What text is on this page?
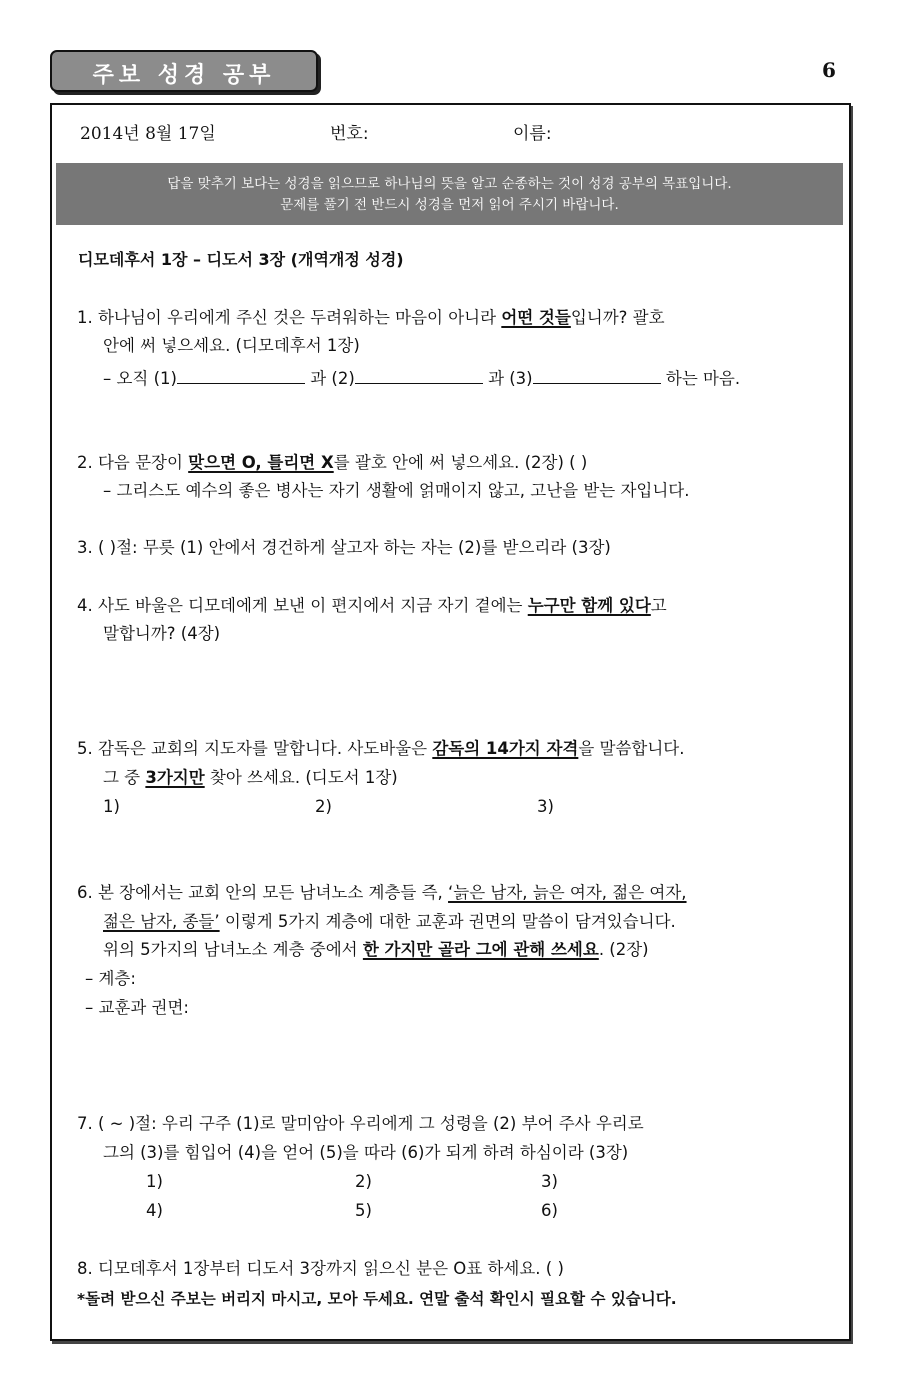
주보 성경 공부	6
2014년 8월 17일	번호:	이름:
답을 맞추기 보다는 성경을 읽으므로 하나님의 뜻을 알고 순종하는 것이 성경 공부의 목표입니다.
문제를 풀기 전 반드시 성경을 먼저 읽어 주시기 바랍니다.
디모데후서 1장 – 디도서 3장 (개역개정 성경)
1. 하나님이 우리에게 주신 것은 두려워하는 마음이 아니라 어떤 것들입니까? 괄호
안에 써 넣으세요. (디모데후서 1장)
– 오직 (1)	과 (2)	과 (3)	하는 마음.
2. 다음 문장이 맞으면 O, 틀리면 X를 괄호 안에 써 넣으세요. (2장) ( )
– 그리스도 예수의 좋은 병사는 자기 생활에 얽매이지 않고, 고난을 받는 자입니다.
3. ( )절: 무릇 (1) 안에서 경건하게 살고자 하는 자는 (2)를 받으리라 (3장)
4. 사도 바울은 디모데에게 보낸 이 편지에서 지금 자기 곁에는 누구만 함께 있다고
말합니까? (4장)
5. 감독은 교회의 지도자를 말합니다. 사도바울은 감독의 14가지 자격을 말씀합니다.
그 중 3가지만 찾아 쓰세요. (디도서 1장)
1)	2)	3)
6. 본 장에서는 교회 안의 모든 남녀노소 계층들 즉, ‘늙은 남자, 늙은 여자, 젊은 여자,
젊은 남자, 종들’ 이렇게 5가지 계층에 대한 교훈과 권면의 말씀이 담겨있습니다.
위의 5가지의 남녀노소 계층 중에서 한 가지만 골라 그에 관해 쓰세요. (2장)
– 계층:
– 교훈과 권면:
7. ( ~ )절: 우리 구주 (1)로 말미암아 우리에게 그 성령을 (2) 부어 주사 우리로
그의 (3)를 힘입어 (4)을 얻어 (5)을 따라 (6)가 되게 하려 하심이라 (3장)
1)	2)	3)
4)	5)	6)
8. 디모데후서 1장부터 디도서 3장까지 읽으신 분은 O표 하세요. ( )
*돌려 받으신 주보는 버리지 마시고, 모아 두세요. 연말 출석 확인시 필요할 수 있습니다.
